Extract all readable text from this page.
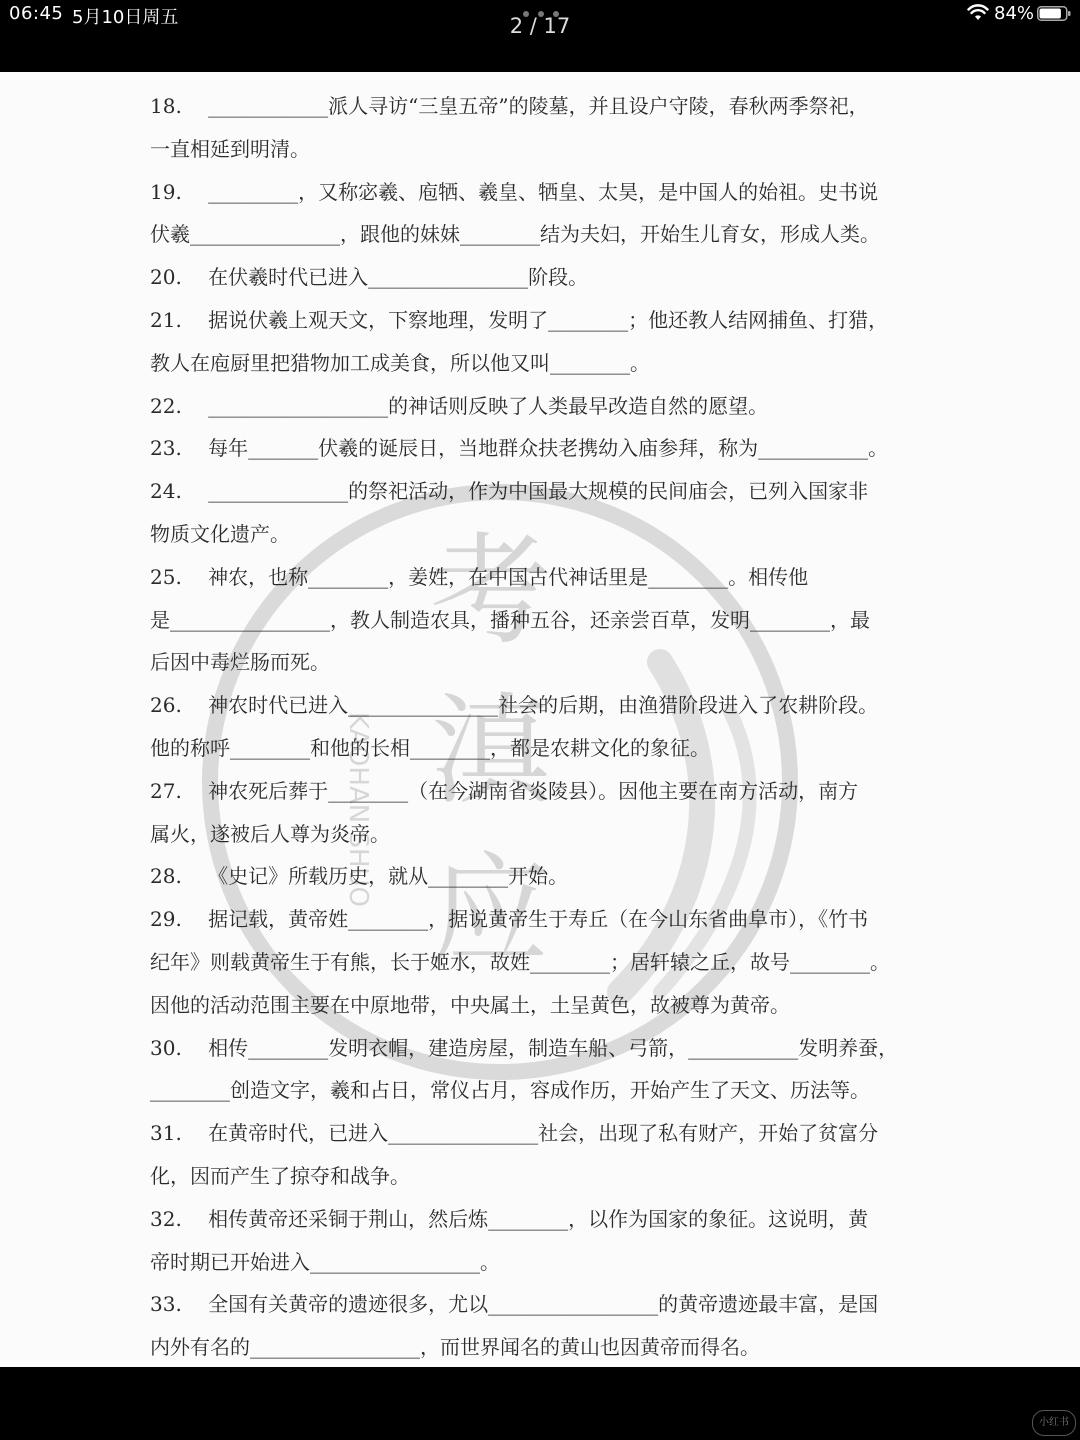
06:45 5月10日周五	2 / 17
84%
考
滇
应
KAOHAN SHUO
18.　 ____________派人寻访“三皇五帝”的陵墓，并且设户守陵，春秋两季祭祀，
一直相延到明清。
19.　 _________，又称宓羲、庖牺、羲皇、牺皇、太昊，是中国人的始祖。史书说
伏羲_______________，跟他的妹妹________结为夫妇，开始生儿育女，形成人类。
20.　 在伏羲时代已进入________________阶段。
21.　 据说伏羲上观天文，下察地理，发明了________；他还教人结网捕鱼、打猎，
教人在庖厨里把猎物加工成美食，所以他又叫________。
22.　 __________________的神话则反映了人类最早改造自然的愿望。
23.　 每年_______伏羲的诞辰日，当地群众扶老携幼入庙参拜，称为___________。
24.　 ______________的祭祀活动，作为中国最大规模的民间庙会，已列入国家非
物质文化遗产。
25.　 神农，也称________，姜姓，在中国古代神话里是________。相传他
是________________，教人制造农具，播种五谷，还亲尝百草，发明________，最
后因中毒烂肠而死。
26.　 神农时代已进入_______________社会的后期，由渔猎阶段进入了农耕阶段。
他的称呼________和他的长相________，都是农耕文化的象征。
27.　 神农死后葬于________（在今湖南省炎陵县）。因他主要在南方活动，南方
属火，遂被后人尊为炎帝。
28.　 《史记》所载历史，就从________开始。
29.　 据记载，黄帝姓________，据说黄帝生于寿丘（在今山东省曲阜市），《竹书
纪年》则载黄帝生于有熊，长于姬水，故姓________；居轩辕之丘，故号________。
因他的活动范围主要在中原地带，中央属土，土呈黄色，故被尊为黄帝。
30.　 相传________发明衣帽，建造房屋，制造车船、弓箭，___________发明养蚕，
________创造文字，羲和占日，常仪占月，容成作历，开始产生了天文、历法等。
31.　 在黄帝时代，已进入_______________社会，出现了私有财产，开始了贫富分
化，因而产生了掠夺和战争。
32.　 相传黄帝还采铜于荆山，然后炼________，以作为国家的象征。这说明，黄
帝时期已开始进入_________________。
33.　 全国有关黄帝的遗迹很多，尤以_________________的黄帝遗迹最丰富，是国
内外有名的_________________，而世界闻名的黄山也因黄帝而得名。
小红书
